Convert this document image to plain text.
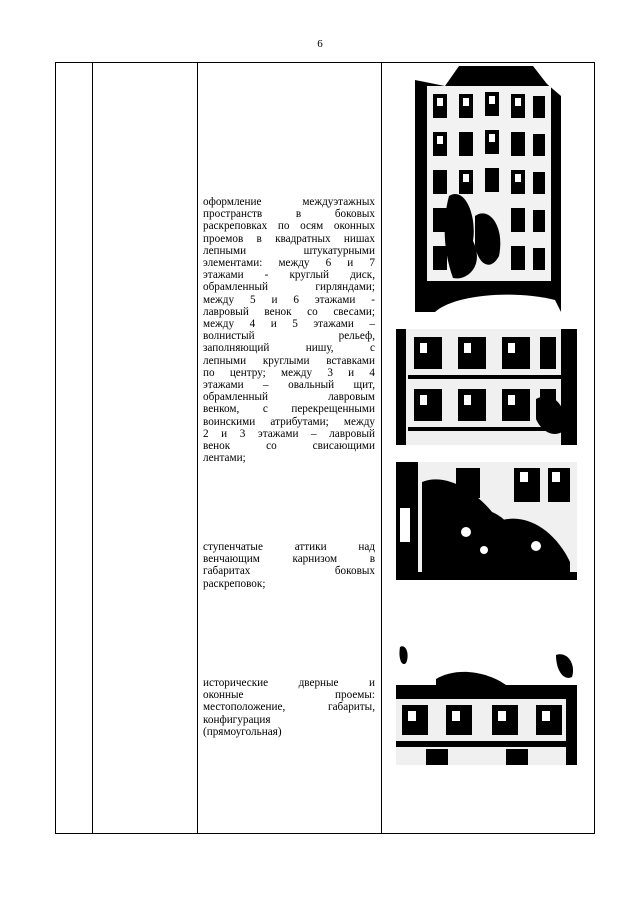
6
оформление междуэтажных
пространств в боковых
раскреповках по осям оконных
проемов в квадратных нишах
лепными штукатурными
элементами: между 6 и 7
этажами - круглый диск,
обрамленный гирляндами;
между 5 и 6 этажами -
лавровый венок со свесами;
между 4 и 5 этажами –
волнистый рельеф,
заполняющий нишу, с
лепными круглыми вставками
по центру; между 3 и 4
этажами – овальный щит,
обрамленный лавровым
венком, с перекрещенными
воинскими атрибутами; между
2 и 3 этажами – лавровый
венок со свисающими
лентами;
ступенчатые аттики над
венчающим карнизом в
габаритах боковых
раскреповок;
исторические дверные и
оконные проемы:
местоположение, габариты,
конфигурация
(прямоугольная)
